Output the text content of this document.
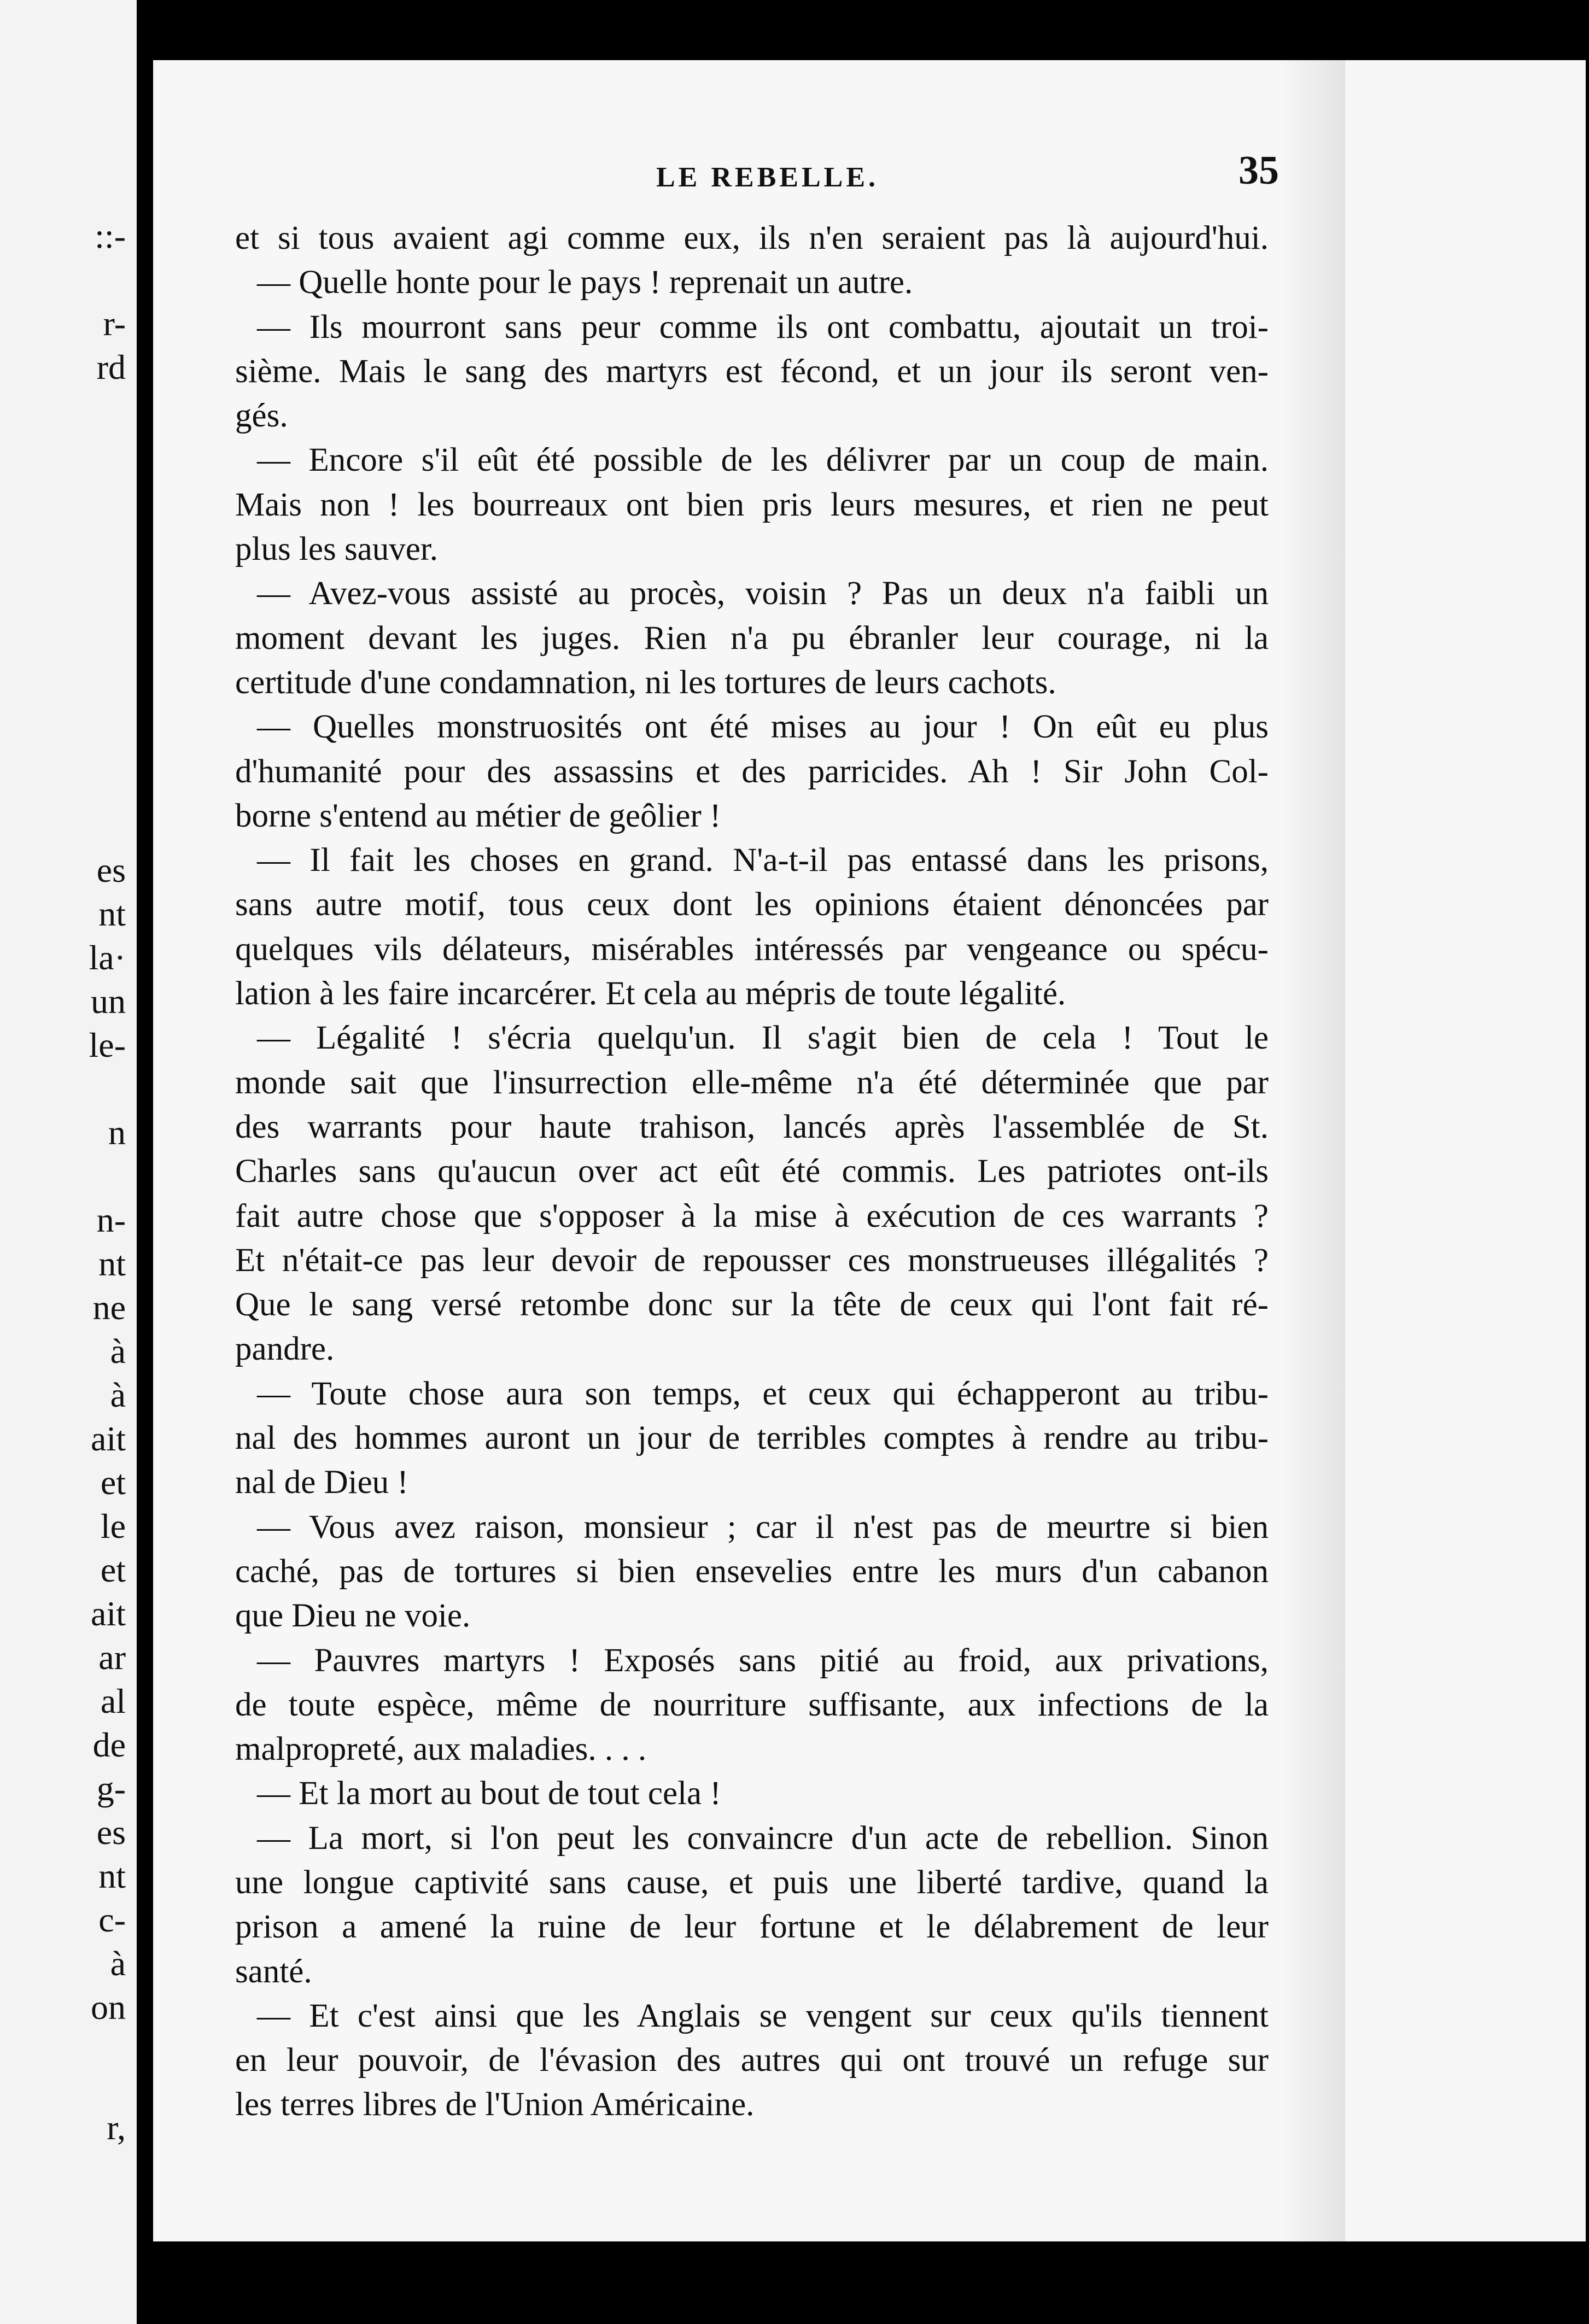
::-
r-
rd
es
nt
la·
un
le-
n
n-
nt
ne
à
à
ait
et
le
et
ait
ar
al
de
g-
es
nt
c-
à
on
r,
LE REBELLE.	35
et si tous avaient agi comme eux, ils n'en seraient pas là aujourd'hui.
— Quelle honte pour le pays ! reprenait un autre.
— Ils mourront sans peur comme ils ont combattu, ajoutait un troi-
sième. Mais le sang des martyrs est fécond, et un jour ils seront ven-
gés.
— Encore s'il eût été possible de les délivrer par un coup de main.
Mais non ! les bourreaux ont bien pris leurs mesures, et rien ne peut
plus les sauver.
— Avez-vous assisté au procès, voisin ? Pas un deux n'a faibli un
moment devant les juges. Rien n'a pu ébranler leur courage, ni la
certitude d'une condamnation, ni les tortures de leurs cachots.
— Quelles monstruosités ont été mises au jour ! On eût eu plus
d'humanité pour des assassins et des parricides. Ah ! Sir John Col-
borne s'entend au métier de geôlier !
— Il fait les choses en grand. N'a-t-il pas entassé dans les prisons,
sans autre motif, tous ceux dont les opinions étaient dénoncées par
quelques vils délateurs, misérables intéressés par vengeance ou spécu-
lation à les faire incarcérer. Et cela au mépris de toute légalité.
— Légalité ! s'écria quelqu'un. Il s'agit bien de cela ! Tout le
monde sait que l'insurrection elle-même n'a été déterminée que par
des warrants pour haute trahison, lancés après l'assemblée de St.
Charles sans qu'aucun over act eût été commis. Les patriotes ont-ils
fait autre chose que s'opposer à la mise à exécution de ces warrants ?
Et n'était-ce pas leur devoir de repousser ces monstrueuses illégalités ?
Que le sang versé retombe donc sur la tête de ceux qui l'ont fait ré-
pandre.
— Toute chose aura son temps, et ceux qui échapperont au tribu-
nal des hommes auront un jour de terribles comptes à rendre au tribu-
nal de Dieu !
— Vous avez raison, monsieur ; car il n'est pas de meurtre si bien
caché, pas de tortures si bien ensevelies entre les murs d'un cabanon
que Dieu ne voie.
— Pauvres martyrs ! Exposés sans pitié au froid, aux privations,
de toute espèce, même de nourriture suffisante, aux infections de la
malpropreté, aux maladies. . . .
— Et la mort au bout de tout cela !
— La mort, si l'on peut les convaincre d'un acte de rebellion. Sinon
une longue captivité sans cause, et puis une liberté tardive, quand la
prison a amené la ruine de leur fortune et le délabrement de leur
santé.
— Et c'est ainsi que les Anglais se vengent sur ceux qu'ils tiennent
en leur pouvoir, de l'évasion des autres qui ont trouvé un refuge sur
les terres libres de l'Union Américaine.
